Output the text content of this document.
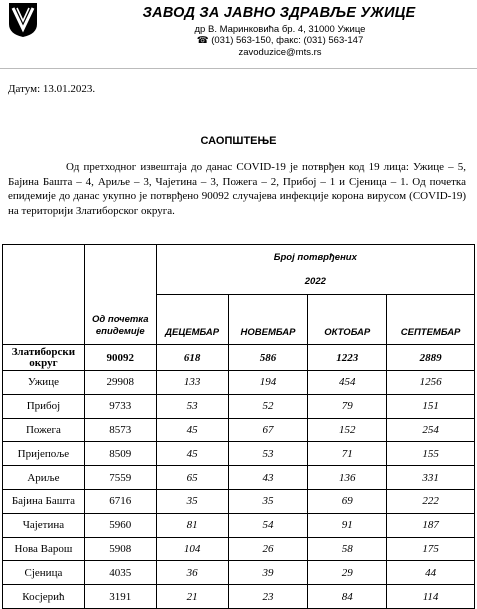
ЗАВОД ЗА ЈАВНО ЗДРАВЉЕ УЖИЦЕ
др В. Маринковића бр. 4, 31000 Ужице
☎ (031) 563-150, факс: (031) 563-147
zavoduzice@mts.rs
Датум: 13.01.2023.
САОПШТЕЊЕ
Од претходног извештаја до данас COVID-19 је потврђен код 19 лица: Ужице – 5, Бајина Башта – 4, Ариље – 3, Чајетина – 3, Пожега – 2, Прибој – 1 и Сјеница – 1. Од почетка епидемије до данас укупно је потврђено 90092 случајева инфекције корона вирусом (COVID-19) на територији Златиборског округа.
		Број потврђених			
		2022			
	Од почетка епидемије	ДЕЦЕМБАР	НОВЕМБАР	ОКТОБАР	СЕПТЕМБАР
Златиборски округ	90092	618	586	1223	2889
Ужице	29908	133	194	454	1256
Прибој	9733	53	52	79	151
Пожега	8573	45	67	152	254
Пријепоље	8509	45	53	71	155
Ариље	7559	65	43	136	331
Бајина Башта	6716	35	35	69	222
Чајетина	5960	81	54	91	187
Нова Варош	5908	104	26	58	175
Сјеница	4035	36	39	29	44
Косјерић	3191	21	23	84	114
